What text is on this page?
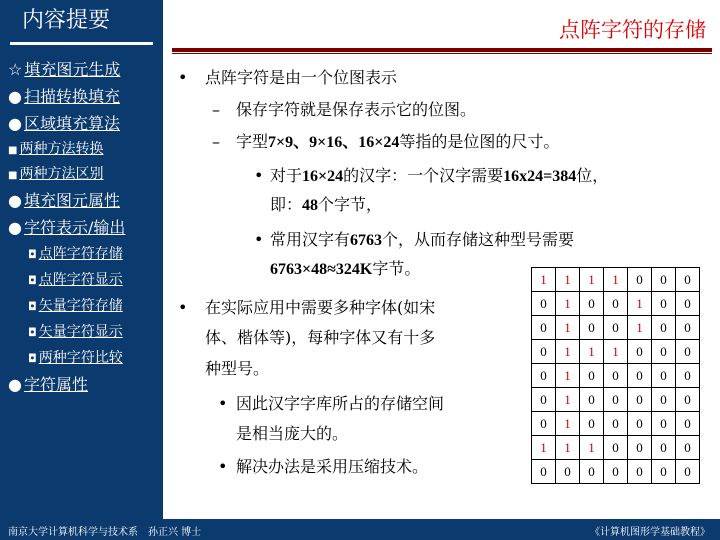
内容提要
☆ 填充图元生成
● 扫描转换填充
● 区域填充算法
■ 两种方法转换
■ 两种方法区别
● 填充图元属性
● 字符表示/输出
◘ 点阵字符存储
◘ 点阵字符显示
◘ 矢量字符存储
◘ 矢量字符显示
◘ 两种字符比较
● 字符属性
点阵字符的存储
• 点阵字符是由一个位图表示
– 保存字符就是保存表示它的位图。
– 字型7×9、9×16、16×24等指的是位图的尺寸。
• 对于16×24的汉字：一个汉字需要16x24=384位，
即：48个字节，
• 常用汉字有6763个，从而存储这种型号需要
6763×48≈324K字节。
• 在实际应用中需要多种字体(如宋
体、楷体等)，每种字体又有十多
种型号。
• 因此汉字字库所占的存储空间
是相当庞大的。
• 解决办法是采用压缩技术。
1	1	1	1	0	0	0
0	1	0	0	1	0	0
0	1	0	0	1	0	0
0	1	1	1	0	0	0
0	1	0	0	0	0	0
0	1	0	0	0	0	0
0	1	0	0	0	0	0
1	1	1	0	0	0	0
0	0	0	0	0	0	0
南京大学计算机科学与技术系　孙正兴 博士	《计算机图形学基础教程》
